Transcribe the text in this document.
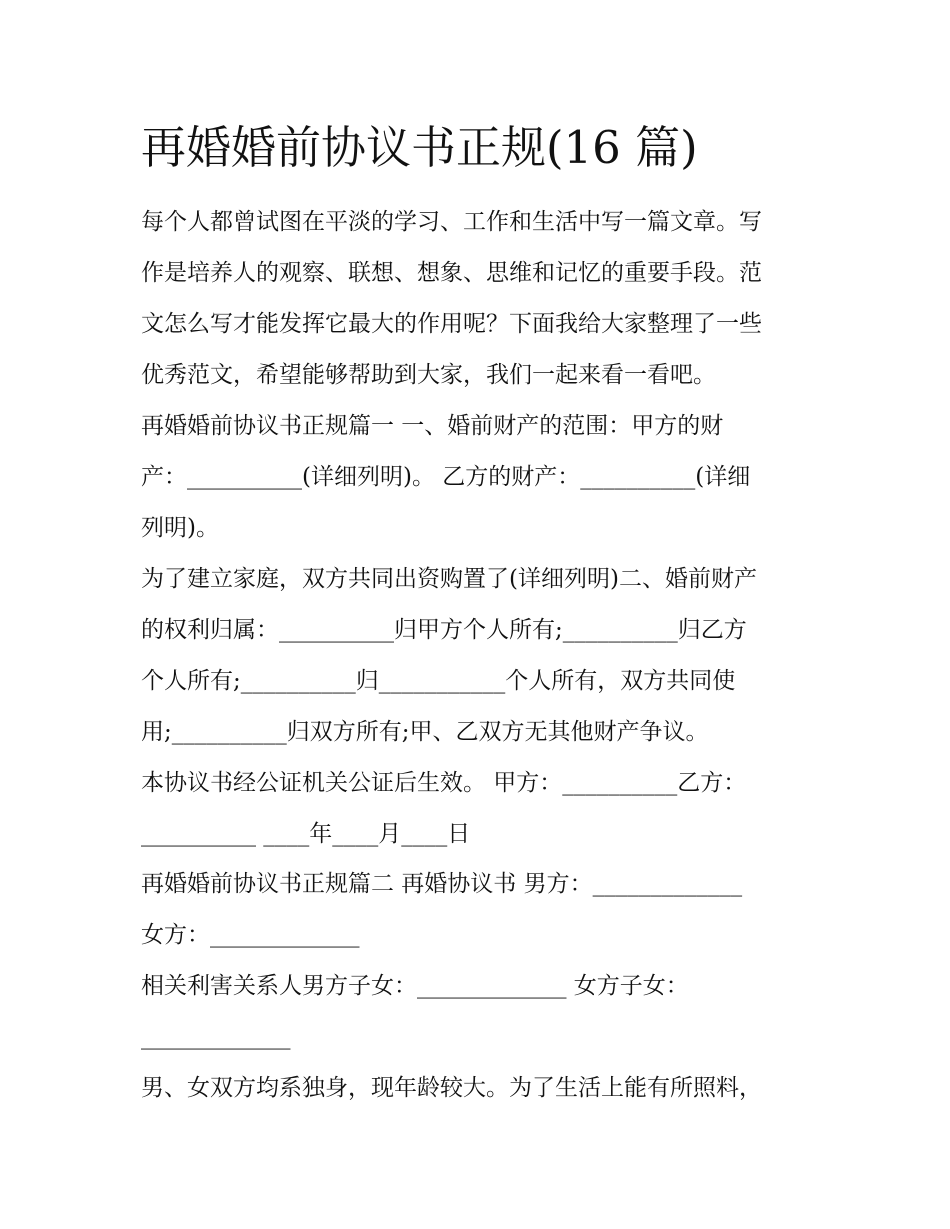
再婚婚前协议书正规(16 篇)
每个人都曾试图在平淡的学习、工作和生活中写一篇文章。写
作是培养人的观察、联想、想象、思维和记忆的重要手段。范
文怎么写才能发挥它最大的作用呢？下面我给大家整理了一些
优秀范文，希望能够帮助到大家，我们一起来看一看吧。
再婚婚前协议书正规篇一 一、婚前财产的范围：甲方的财
产：__________(详细列明)。 乙方的财产：__________(详细
列明)。
为了建立家庭，双方共同出资购置了(详细列明)二、婚前财产
的权利归属：__________归甲方个人所有;__________归乙方
个人所有;__________归___________个人所有，双方共同使
用;__________归双方所有;甲、乙双方无其他财产争议。
本协议书经公证机关公证后生效。 甲方：__________乙方：
__________ ____年____月____日
再婚婚前协议书正规篇二 再婚协议书 男方：_____________
女方：_____________
相关利害关系人男方子女：_____________ 女方子女：
_____________
男、女双方均系独身，现年龄较大。为了生活上能有所照料，
